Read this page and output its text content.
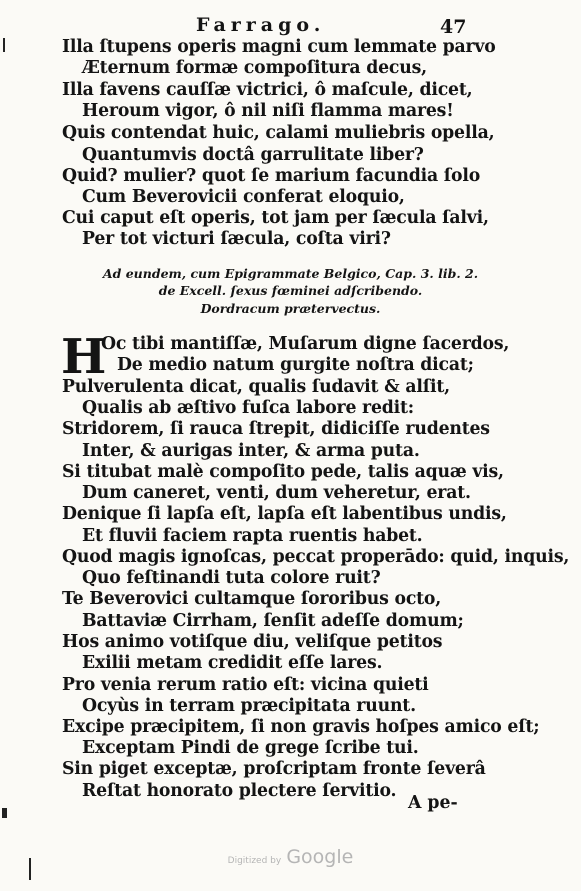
Farrago.	47
Illa ſtupens operis magni cum lemmate parvo
Æternum formæ compoſitura decus,
Illa favens cauſſæ victrici, ô maſcule, dicet,
Heroum vigor, ô nil niſi flamma mares!
Quis contendat huic, calami muliebris opella,
Quantumvis doctâ garrulitate liber?
Quid? mulier? quot ſe marium facundia ſolo
Cum Beverovicii conferat eloquio,
Cui caput eſt operis, tot jam per ſæcula ſalvi,
Per tot victuri ſæcula, coſta viri?
Ad eundem, cum Epigrammate Belgico, Cap. 3. lib. 2.
de Excell. ſexus fœminei adſcribendo.
Dordracum prætervectus.
H
Oc tibi mantiſſæ, Muſarum digne ſacerdos,
De medio natum gurgite noſtra dicat;
Pulverulenta dicat, qualis ſudavit & alſit,
Qualis ab æſtivo fuſca labore redit:
Stridorem, ſi rauca ſtrepit, didiciſſe rudentes
Inter, & aurigas inter, & arma puta.
Si titubat malè compoſito pede, talis aquæ vis,
Dum caneret, venti, dum veheretur, erat.
Denique ſi lapſa eſt, lapſa eſt labentibus undis,
Et fluvii faciem rapta ruentis habet.
Quod magis ignoſcas, peccat properādo: quid, inquis,
Quo feſtinandi tuta colore ruit?
Te Beverovici cultamque ſororibus octo,
Battaviæ Cirrham, ſenſit adeſſe domum;
Hos animo votiſque diu, veliſque petitos
Exilii metam credidit eſſe lares.
Pro venia rerum ratio eſt: vicina quieti
Ocyùs in terram præcipitata ruunt.
Excipe præcipitem, ſi non gravis hoſpes amico eſt;
Exceptam Pindi de grege ſcribe tui.
Sin piget exceptæ, proſcriptam fronte ſeverâ
Reſtat honorato plectere ſervitio.
A pe-
Digitized by Google
